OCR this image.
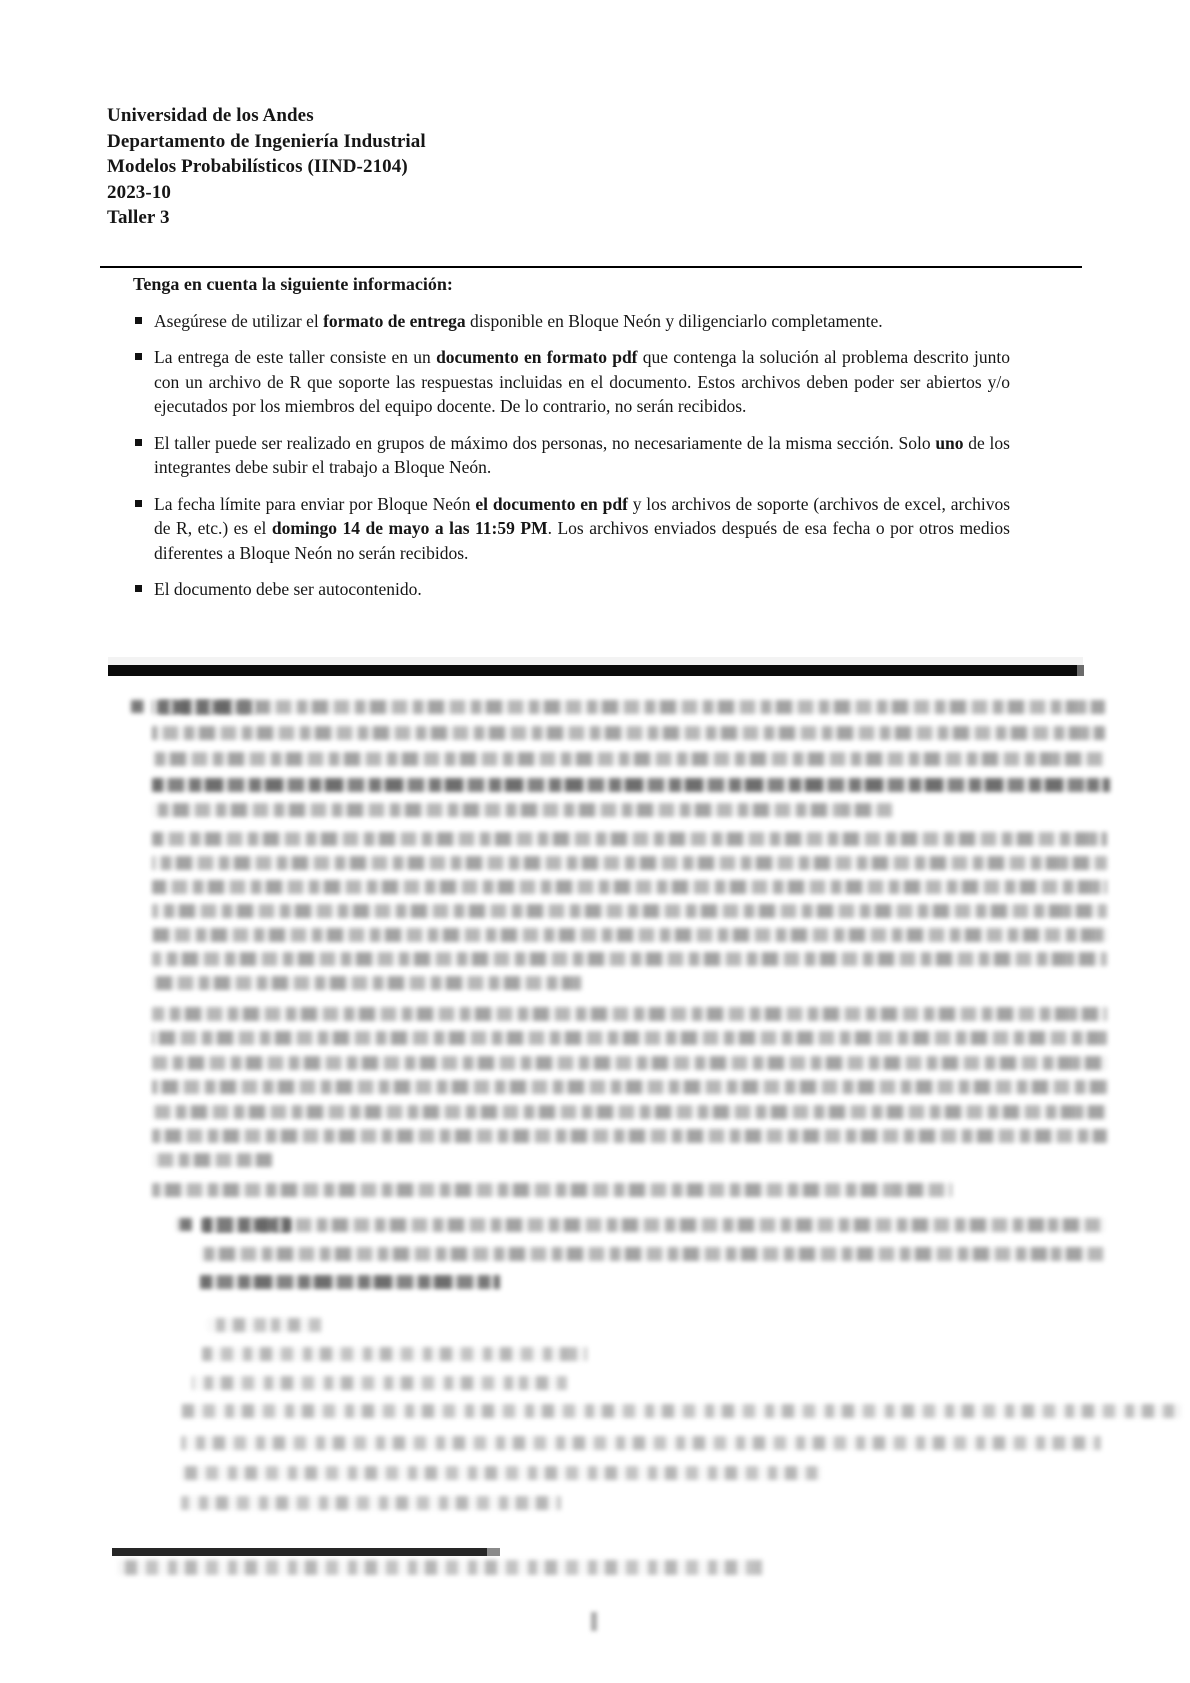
Universidad de los Andes
Departamento de Ingeniería Industrial
Modelos Probabilísticos (IIND-2104)
2023-10
Taller 3

Tenga en cuenta la siguiente información:

Asegúrese de utilizar el formato de entrega disponible en Bloque Neón y diligenciarlo completamente.
La entrega de este taller consiste en un documento en formato pdf que contenga la solución al problema descrito junto con un archivo de R que soporte las respuestas incluidas en el documento. Estos archivos deben poder ser abiertos y/o ejecutados por los miembros del equipo docente. De lo contrario, no serán recibidos.
El taller puede ser realizado en grupos de máximo dos personas, no necesariamente de la misma sección. Solo uno de los integrantes debe subir el trabajo a Bloque Neón.
La fecha límite para enviar por Bloque Neón el documento en pdf y los archivos de soporte (archivos de excel, archivos de R, etc.) es el domingo 14 de mayo a las 11:59 PM. Los archivos enviados después de esa fecha o por otros medios diferentes a Bloque Neón no serán recibidos.
El documento debe ser autocontenido.
